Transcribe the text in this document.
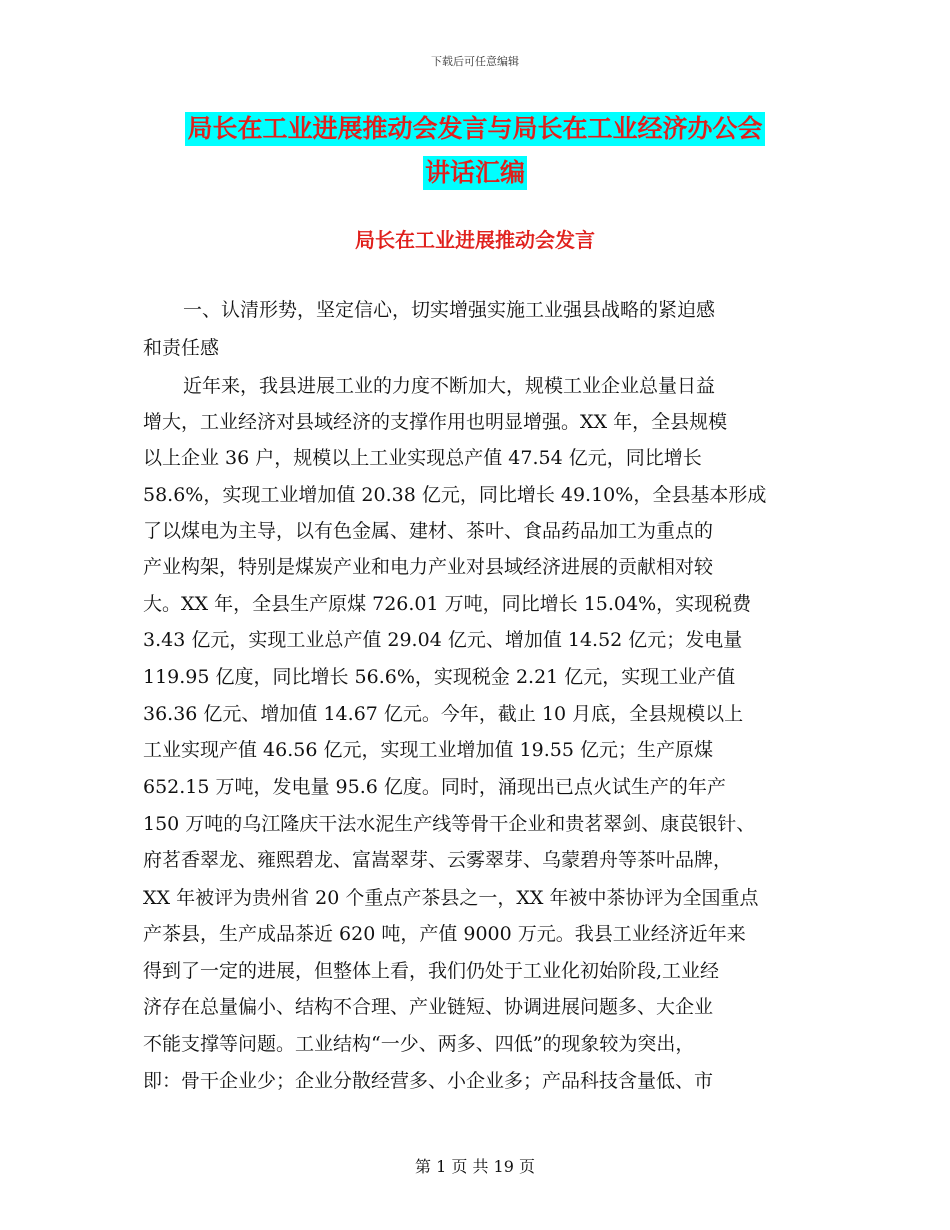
下载后可任意编辑
局长在工业进展推动会发言与局长在工业经济办公会
讲话汇编
局长在工业进展推动会发言
一、认清形势，坚定信心，切实增强实施工业强县战略的紧迫感
和责任感
近年来，我县进展工业的力度不断加大，规模工业企业总量日益
增大，工业经济对县域经济的支撑作用也明显增强。XX 年，全县规模
以上企业 36 户，规模以上工业实现总产值 47.54 亿元，同比增长
58.6%，实现工业增加值 20.38 亿元，同比增长 49.10%，全县基本形成
了以煤电为主导，以有色金属、建材、茶叶、食品药品加工为重点的
产业构架，特别是煤炭产业和电力产业对县域经济进展的贡献相对较
大。XX 年，全县生产原煤 726.01 万吨，同比增长 15.04%，实现税费
3.43 亿元，实现工业总产值 29.04 亿元、增加值 14.52 亿元；发电量
119.95 亿度，同比增长 56.6%，实现税金 2.21 亿元，实现工业产值
36.36 亿元、增加值 14.67 亿元。今年，截止 10 月底，全县规模以上
工业实现产值 46.56 亿元，实现工业增加值 19.55 亿元；生产原煤
652.15 万吨，发电量 95.6 亿度。同时，涌现出已点火试生产的年产
150 万吨的乌江隆庆干法水泥生产线等骨干企业和贵茗翠剑、康苠银针、
府茗香翠龙、雍熙碧龙、富嵩翠芽、云雾翠芽、乌蒙碧舟等茶叶品牌，
XX 年被评为贵州省 20 个重点产茶县之一，XX 年被中茶协评为全国重点
产茶县，生产成品茶近 620 吨，产值 9000 万元。我县工业经济近年来
得到了一定的进展，但整体上看，我们仍处于工业化初始阶段,工业经
济存在总量偏小、结构不合理、产业链短、协调进展问题多、大企业
不能支撑等问题。工业结构“一少、两多、四低”的现象较为突出，
即：骨干企业少；企业分散经营多、小企业多；产品科技含量低、市
第 1 页 共 19 页
